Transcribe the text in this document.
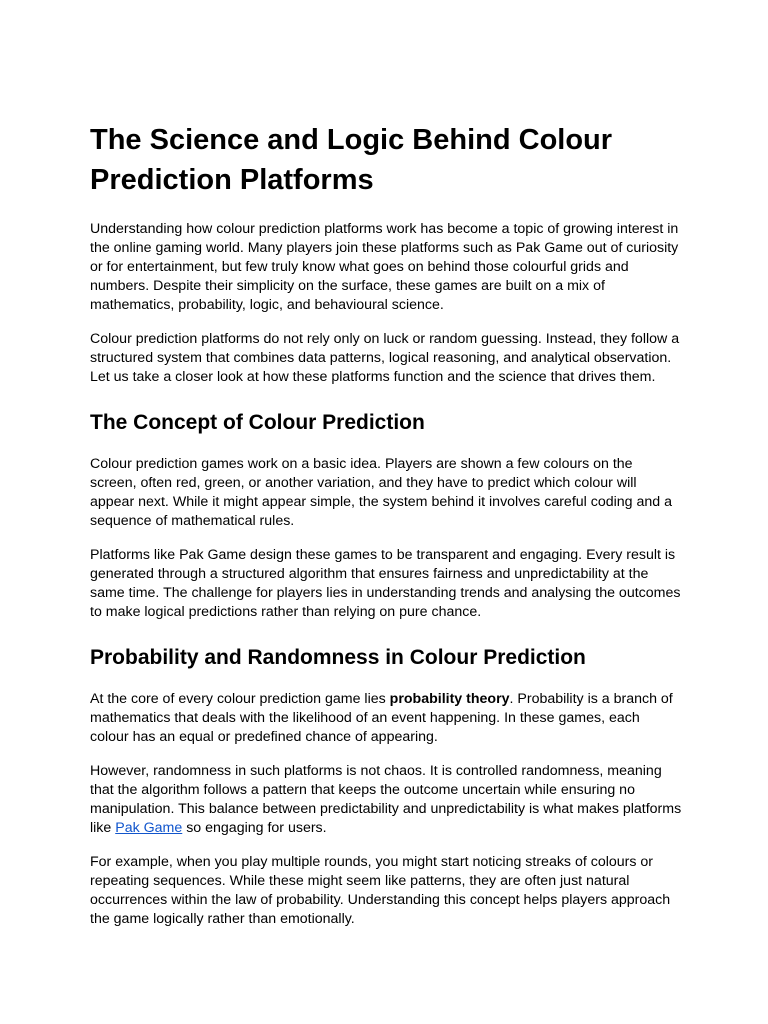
The Science and Logic Behind Colour Prediction Platforms

Understanding how colour prediction platforms work has become a topic of growing interest in the online gaming world. Many players join these platforms such as Pak Game out of curiosity or for entertainment, but few truly know what goes on behind those colourful grids and numbers. Despite their simplicity on the surface, these games are built on a mix of mathematics, probability, logic, and behavioural science.

Colour prediction platforms do not rely only on luck or random guessing. Instead, they follow a structured system that combines data patterns, logical reasoning, and analytical observation. Let us take a closer look at how these platforms function and the science that drives them.

The Concept of Colour Prediction

Colour prediction games work on a basic idea. Players are shown a few colours on the screen, often red, green, or another variation, and they have to predict which colour will appear next. While it might appear simple, the system behind it involves careful coding and a sequence of mathematical rules.

Platforms like Pak Game design these games to be transparent and engaging. Every result is generated through a structured algorithm that ensures fairness and unpredictability at the same time. The challenge for players lies in understanding trends and analysing the outcomes to make logical predictions rather than relying on pure chance.

Probability and Randomness in Colour Prediction

At the core of every colour prediction game lies probability theory. Probability is a branch of mathematics that deals with the likelihood of an event happening. In these games, each colour has an equal or predefined chance of appearing.

However, randomness in such platforms is not chaos. It is controlled randomness, meaning that the algorithm follows a pattern that keeps the outcome uncertain while ensuring no manipulation. This balance between predictability and unpredictability is what makes platforms like Pak Game so engaging for users.

For example, when you play multiple rounds, you might start noticing streaks of colours or repeating sequences. While these might seem like patterns, they are often just natural occurrences within the law of probability. Understanding this concept helps players approach the game logically rather than emotionally.
